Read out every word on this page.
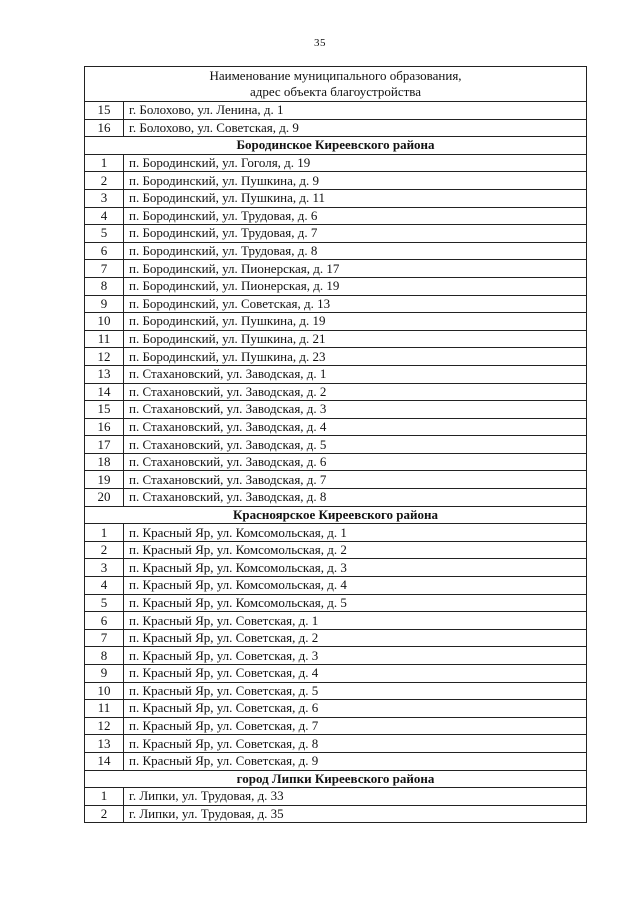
35
Наименование муниципального образования,
адрес объекта благоустройства	
15	г. Болохово, ул. Ленина, д. 1
16	г. Болохово, ул. Советская, д. 9
Бородинское Киреевского района	
1	п. Бородинский, ул. Гоголя, д. 19
2	п. Бородинский, ул. Пушкина, д. 9
3	п. Бородинский, ул. Пушкина, д. 11
4	п. Бородинский, ул. Трудовая, д. 6
5	п. Бородинский, ул. Трудовая, д. 7
6	п. Бородинский, ул. Трудовая, д. 8
7	п. Бородинский, ул. Пионерская, д. 17
8	п. Бородинский, ул. Пионерская, д. 19
9	п. Бородинский, ул. Советская, д. 13
10	п. Бородинский, ул. Пушкина, д. 19
11	п. Бородинский, ул. Пушкина, д. 21
12	п. Бородинский, ул. Пушкина, д. 23
13	п. Стахановский, ул. Заводская, д. 1
14	п. Стахановский, ул. Заводская, д. 2
15	п. Стахановский, ул. Заводская, д. 3
16	п. Стахановский, ул. Заводская, д. 4
17	п. Стахановский, ул. Заводская, д. 5
18	п. Стахановский, ул. Заводская, д. 6
19	п. Стахановский, ул. Заводская, д. 7
20	п. Стахановский, ул. Заводская, д. 8
Красноярское Киреевского района	
1	п. Красный Яр, ул. Комсомольская, д. 1
2	п. Красный Яр, ул. Комсомольская, д. 2
3	п. Красный Яр, ул. Комсомольская, д. 3
4	п. Красный Яр, ул. Комсомольская, д. 4
5	п. Красный Яр, ул. Комсомольская, д. 5
6	п. Красный Яр, ул. Советская, д. 1
7	п. Красный Яр, ул. Советская, д. 2
8	п. Красный Яр, ул. Советская, д. 3
9	п. Красный Яр, ул. Советская, д. 4
10	п. Красный Яр, ул. Советская, д. 5
11	п. Красный Яр, ул. Советская, д. 6
12	п. Красный Яр, ул. Советская, д. 7
13	п. Красный Яр, ул. Советская, д. 8
14	п. Красный Яр, ул. Советская, д. 9
город Липки Киреевского района	
1	г. Липки, ул. Трудовая, д. 33
2	г. Липки, ул. Трудовая, д. 35
